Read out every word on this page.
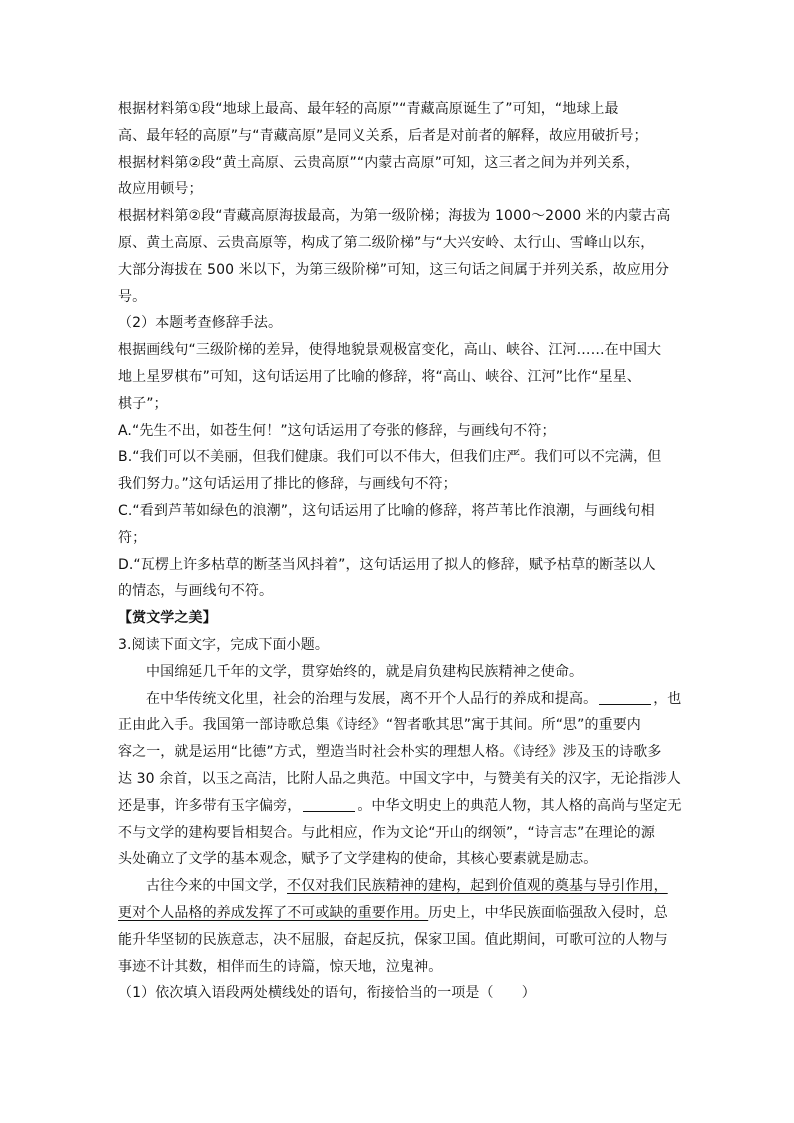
根据材料第①段“地球上最高、最年轻的高原”“青藏高原诞生了”可知，“地球上最
高、最年轻的高原”与“青藏高原”是同义关系，后者是对前者的解释，故应用破折号；
根据材料第②段“黄土高原、云贵高原”“内蒙古高原”可知，这三者之间为并列关系，
故应用顿号；
根据材料第②段“青藏高原海拔最高，为第一级阶梯；海拔为 1000～2000 米的内蒙古高
原、黄土高原、云贵高原等，构成了第二级阶梯”与“大兴安岭、太行山、雪峰山以东，
大部分海拔在 500 米以下，为第三级阶梯”可知，这三句话之间属于并列关系，故应用分
号。
（2）本题考查修辞手法。
根据画线句“三级阶梯的差异，使得地貌景观极富变化，高山、峡谷、江河……在中国大
地上星罗棋布”可知，这句话运用了比喻的修辞，将“高山、峡谷、江河”比作“星星、
棋子”；
A.“先生不出，如苍生何！”这句话运用了夸张的修辞，与画线句不符；
B.“我们可以不美丽，但我们健康。我们可以不伟大，但我们庄严。我们可以不完满，但
我们努力。”这句话运用了排比的修辞，与画线句不符；
C.“看到芦苇如绿色的浪潮”，这句话运用了比喻的修辞，将芦苇比作浪潮，与画线句相
符；
D.“瓦楞上许多枯草的断茎当风抖着”，这句话运用了拟人的修辞，赋予枯草的断茎以人
的情态，与画线句不符。
【赏文学之美】
3.阅读下面文字，完成下面小题。
中国绵延几千年的文学，贯穿始终的，就是肩负建构民族精神之使命。
在中华传统文化里，社会的治理与发展，离不开个人品行的养成和提高。	，也
正由此入手。我国第一部诗歌总集《诗经》“智者歌其思”寓于其间。所“思”的重要内
容之一，就是运用“比德”方式，塑造当时社会朴实的理想人格。《诗经》涉及玉的诗歌多
达 30 余首，以玉之高洁，比附人品之典范。中国文字中，与赞美有关的汉字，无论指涉人
还是事，许多带有玉字偏旁，	。中华文明史上的典范人物，其人格的高尚与坚定无
不与文学的建构要旨相契合。与此相应，作为文论“开山的纲领”，“诗言志”在理论的源
头处确立了文学的基本观念，赋予了文学建构的使命，其核心要素就是励志。
古往今来的中国文学，不仅对我们民族精神的建构，起到价值观的奠基与导引作用，
更对个人品格的养成发挥了不可或缺的重要作用。历史上，中华民族面临强敌入侵时，总
能升华坚韧的民族意志，决不屈服，奋起反抗，保家卫国。值此期间，可歌可泣的人物与
事迹不计其数，相伴而生的诗篇，惊天地，泣鬼神。
（1）依次填入语段两处横线处的语句，衔接恰当的一项是（　　）
